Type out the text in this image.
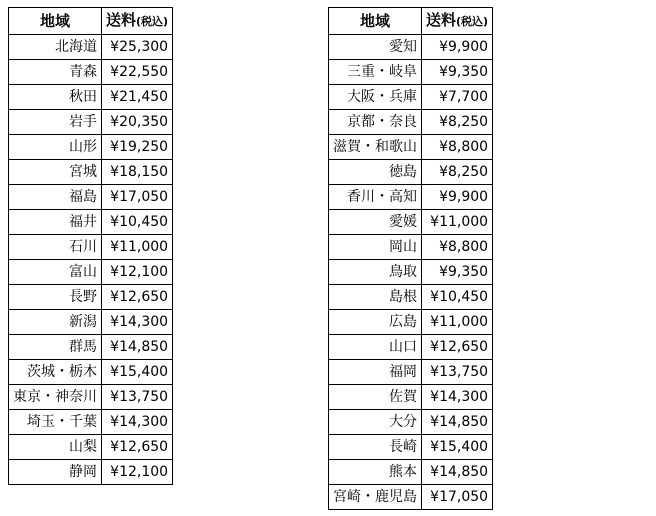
地域	送料(税込)
北海道	¥25,300
青森	¥22,550
秋田	¥21,450
岩手	¥20,350
山形	¥19,250
宮城	¥18,150
福島	¥17,050
福井	¥10,450
石川	¥11,000
富山	¥12,100
長野	¥12,650
新潟	¥14,300
群馬	¥14,850
茨城・栃木	¥15,400
東京・神奈川	¥13,750
埼玉・千葉	¥14,300
山梨	¥12,650
静岡	¥12,100
地域	送料(税込)
愛知	¥9,900
三重・岐阜	¥9,350
大阪・兵庫	¥7,700
京都・奈良	¥8,250
滋賀・和歌山	¥8,800
徳島	¥8,250
香川・高知	¥9,900
愛媛	¥11,000
岡山	¥8,800
鳥取	¥9,350
島根	¥10,450
広島	¥11,000
山口	¥12,650
福岡	¥13,750
佐賀	¥14,300
大分	¥14,850
長崎	¥15,400
熊本	¥14,850
宮崎・鹿児島	¥17,050
